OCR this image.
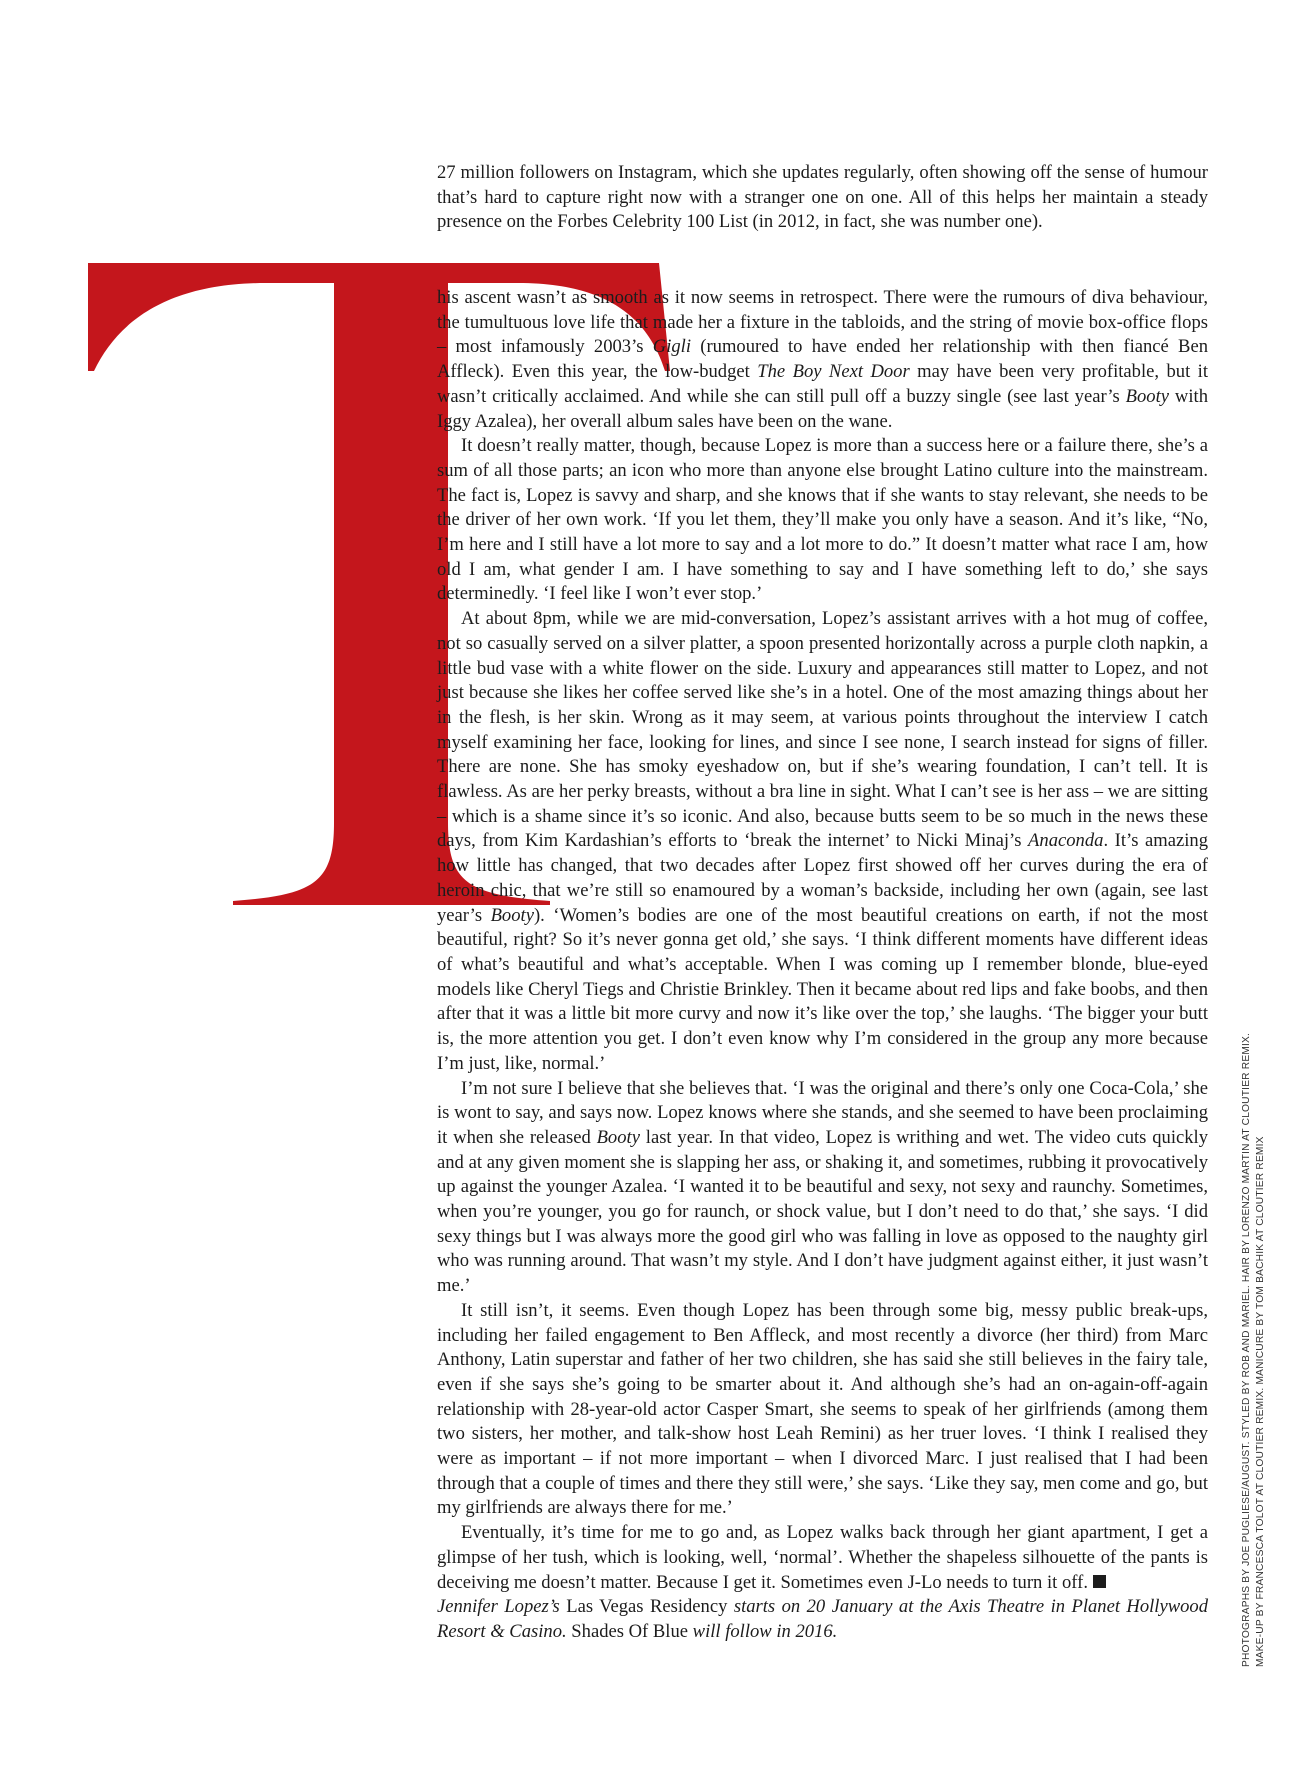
27 million followers on Instagram, which she updates regularly, often showing off the sense of humour that’s hard to capture right now with a stranger one on one. All of this helps her maintain a steady presence on the Forbes Celebrity 100 List (in 2012, in fact, she was number one).

his ascent wasn’t as smooth as it now seems in retrospect. There were the rumours of diva behaviour, the tumultuous love life that made her a fixture in the tabloids, and the string of movie box-office flops – most infamously 2003’s Gigli (rumoured to have ended her relationship with then fiancé Ben Affleck). Even this year, the low-budget The Boy Next Door may have been very profitable, but it wasn’t critically acclaimed. And while she can still pull off a buzzy single (see last year’s Booty with Iggy Azalea), her overall album sales have been on the wane.

It doesn’t really matter, though, because Lopez is more than a success here or a failure there, she’s a sum of all those parts; an icon who more than anyone else brought Latino culture into the mainstream. The fact is, Lopez is savvy and sharp, and she knows that if she wants to stay relevant, she needs to be the driver of her own work. ‘If you let them, they’ll make you only have a season. And it’s like, “No, I’m here and I still have a lot more to say and a lot more to do.” It doesn’t matter what race I am, how old I am, what gender I am. I have something to say and I have something left to do,’ she says determinedly. ‘I feel like I won’t ever stop.’

At about 8pm, while we are mid-conversation, Lopez’s assistant arrives with a hot mug of coffee, not so casually served on a silver platter, a spoon presented horizontally across a purple cloth napkin, a little bud vase with a white flower on the side. Luxury and appearances still matter to Lopez, and not just because she likes her coffee served like she’s in a hotel. One of the most amazing things about her in the flesh, is her skin. Wrong as it may seem, at various points throughout the interview I catch myself examining her face, looking for lines, and since I see none, I search instead for signs of filler. There are none. She has smoky eyeshadow on, but if she’s wearing foundation, I can’t tell. It is flawless. As are her perky breasts, without a bra line in sight. What I can’t see is her ass – we are sitting – which is a shame since it’s so iconic. And also, because butts seem to be so much in the news these days, from Kim Kardashian’s efforts to ‘break the internet’ to Nicki Minaj’s Anaconda. It’s amazing how little has changed, that two decades after Lopez first showed off her curves during the era of heroin chic, that we’re still so enamoured by a woman’s backside, including her own (again, see last year’s Booty). ‘Women’s bodies are one of the most beautiful creations on earth, if not the most beautiful, right? So it’s never gonna get old,’ she says. ‘I think different moments have different ideas of what’s beautiful and what’s acceptable. When I was coming up I remember blonde, blue-eyed models like Cheryl Tiegs and Christie Brinkley. Then it became about red lips and fake boobs, and then after that it was a little bit more curvy and now it’s like over the top,’ she laughs. ‘The bigger your butt is, the more attention you get. I don’t even know why I’m considered in the group any more because I’m just, like, normal.’

I’m not sure I believe that she believes that. ‘I was the original and there’s only one Coca-Cola,’ she is wont to say, and says now. Lopez knows where she stands, and she seemed to have been proclaiming it when she released Booty last year. In that video, Lopez is writhing and wet. The video cuts quickly and at any given moment she is slapping her ass, or shaking it, and sometimes, rubbing it provocatively up against the younger Azalea. ‘I wanted it to be beautiful and sexy, not sexy and raunchy. Sometimes, when you’re younger, you go for raunch, or shock value, but I don’t need to do that,’ she says. ‘I did sexy things but I was always more the good girl who was falling in love as opposed to the naughty girl who was running around. That wasn’t my style. And I don’t have judgment against either, it just wasn’t me.’

It still isn’t, it seems. Even though Lopez has been through some big, messy public break-ups, including her failed engagement to Ben Affleck, and most recently a divorce (her third) from Marc Anthony, Latin superstar and father of her two children, she has said she still believes in the fairy tale, even if she says she’s going to be smarter about it. And although she’s had an on-again-off-again relationship with 28-year-old actor Casper Smart, she seems to speak of her girlfriends (among them two sisters, her mother, and talk-show host Leah Remini) as her truer loves. ‘I think I realised they were as important – if not more important – when I divorced Marc. I just realised that I had been through that a couple of times and there they still were,’ she says. ‘Like they say, men come and go, but my girlfriends are always there for me.’

Eventually, it’s time for me to go and, as Lopez walks back through her giant apartment, I get a glimpse of her tush, which is looking, well, ‘normal’. Whether the shapeless silhouette of the pants is deceiving me doesn’t matter. Because I get it. Sometimes even J-Lo needs to turn it off.

Jennifer Lopez’s Las Vegas Residency starts on 20 January at the Axis Theatre in Planet Hollywood Resort & Casino. Shades Of Blue will follow in 2016.	PHOTOGRAPHS BY JOE PUGLIESE/AUGUST. STYLED BY ROB AND MARIEL. HAIR BY LORENZO MARTIN AT CLOUTIER REMIX. MAKE-UP BY FRANCESCA TOLOT AT CLOUTIER REMIX. MANICURE BY TOM BACHIK AT CLOUTIER REMIX
